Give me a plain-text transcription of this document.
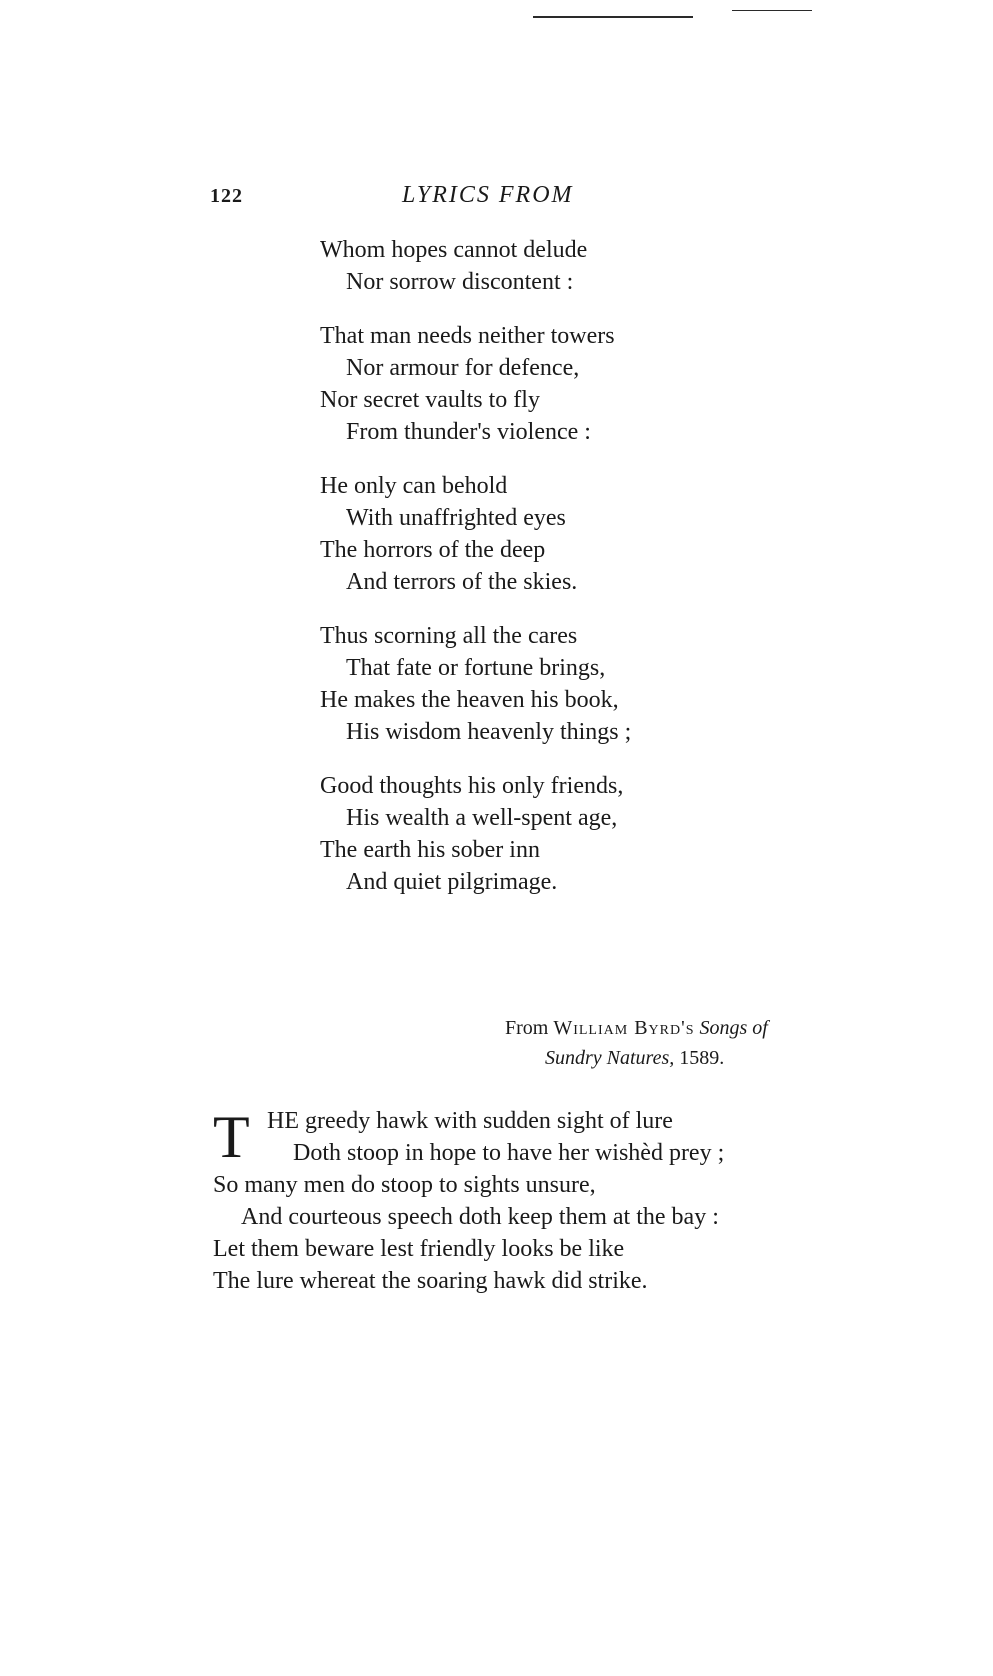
122	LYRICS FROM
Whom hopes cannot delude
Nor sorrow discontent :
That man needs neither towers
Nor armour for defence,
Nor secret vaults to fly
From thunder's violence :
He only can behold
With unaffrighted eyes
The horrors of the deep
And terrors of the skies.
Thus scorning all the cares
That fate or fortune brings,
He makes the heaven his book,
His wisdom heavenly things ;
Good thoughts his only friends,
His wealth a well-spent age,
The earth his sober inn
And quiet pilgrimage.
From William Byrd's Songs of
Sundry Natures, 1589.
T HE greedy hawk with sudden sight of lure
Doth stoop in hope to have her wishèd prey ;
So many men do stoop to sights unsure,
And courteous speech doth keep them at the bay :
Let them beware lest friendly looks be like
The lure whereat the soaring hawk did strike.
